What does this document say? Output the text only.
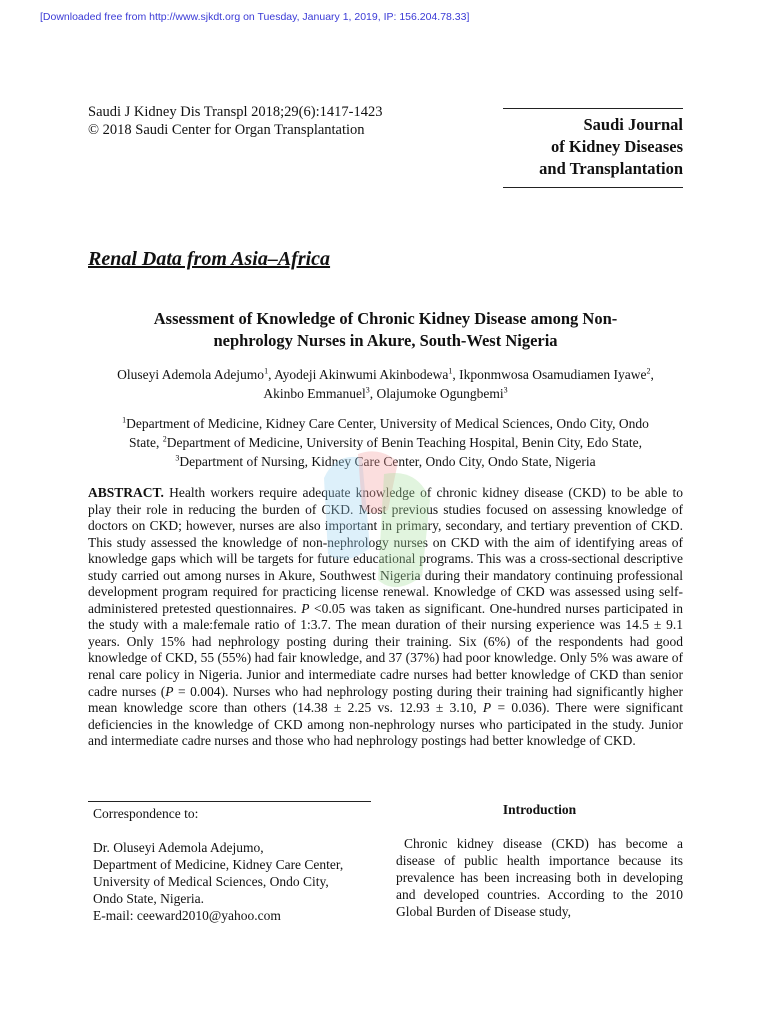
[Downloaded free from http://www.sjkdt.org on Tuesday, January 1, 2019, IP: 156.204.78.33]
Saudi J Kidney Dis Transpl 2018;29(6):1417-1423
© 2018 Saudi Center for Organ Transplantation	Saudi Journal
of Kidney Diseases
and Transplantation
Renal Data from Asia–Africa
Assessment of Knowledge of Chronic Kidney Disease among Non-
nephrology Nurses in Akure, South-West Nigeria
Oluseyi Ademola Adejumo$^1$, Ayodeji Akinwumi Akinbodewa$^1$, Ikponmwosa Osamudiamen Iyawe$^2$,
Akinbo Emmanuel$^3$, Olajumoke Ogungbemi$^3$
$^1$Department of Medicine, Kidney Care Center, University of Medical Sciences, Ondo City, Ondo
State, $^2$Department of Medicine, University of Benin Teaching Hospital, Benin City, Edo State,
$^3$Department of Nursing, Kidney Care Center, Ondo City, Ondo State, Nigeria
ABSTRACT. Health workers require adequate knowledge of chronic kidney disease (CKD) to be able to play their role in reducing the burden of CKD. Most previous studies focused on assessing knowledge of doctors on CKD; however, nurses are also important in primary, secondary, and tertiary prevention of CKD. This study assessed the knowledge of non-nephrology nurses on CKD with the aim of identifying areas of knowledge gaps which will be targets for future educational programs. This was a cross-sectional descriptive study carried out among nurses in Akure, Southwest Nigeria during their mandatory continuing professional development program required for practicing license renewal. Knowledge of CKD was assessed using self-administered pretested questionnaires. P <0.05 was taken as significant. One-hundred nurses participated in the study with a male:female ratio of 1:3.7. The mean duration of their nursing experience was 14.5 ± 9.1 years. Only 15% had nephrology posting during their training. Six (6%) of the respondents had good knowledge of CKD, 55 (55%) had fair knowledge, and 37 (37%) had poor knowledge. Only 5% was aware of renal care policy in Nigeria. Junior and intermediate cadre nurses had better knowledge of CKD than senior cadre nurses (P = 0.004). Nurses who had nephrology posting during their training had significantly higher mean knowledge score than others (14.38 ± 2.25 vs. 12.93 ± 3.10, P = 0.036). There were significant deficiencies in the knowledge of CKD among non-nephrology nurses who participated in the study. Junior and intermediate cadre nurses and those who had nephrology postings had better knowledge of CKD.
Correspondence to:
Dr. Oluseyi Ademola Adejumo,
Department of Medicine, Kidney Care Center,
University of Medical Sciences, Ondo City,
Ondo State, Nigeria.
E-mail: ceeward2010@yahoo.com
Introduction
Chronic kidney disease (CKD) has become a disease of public health importance because its prevalence has been increasing both in developing and developed countries. According to the 2010 Global Burden of Disease study,
